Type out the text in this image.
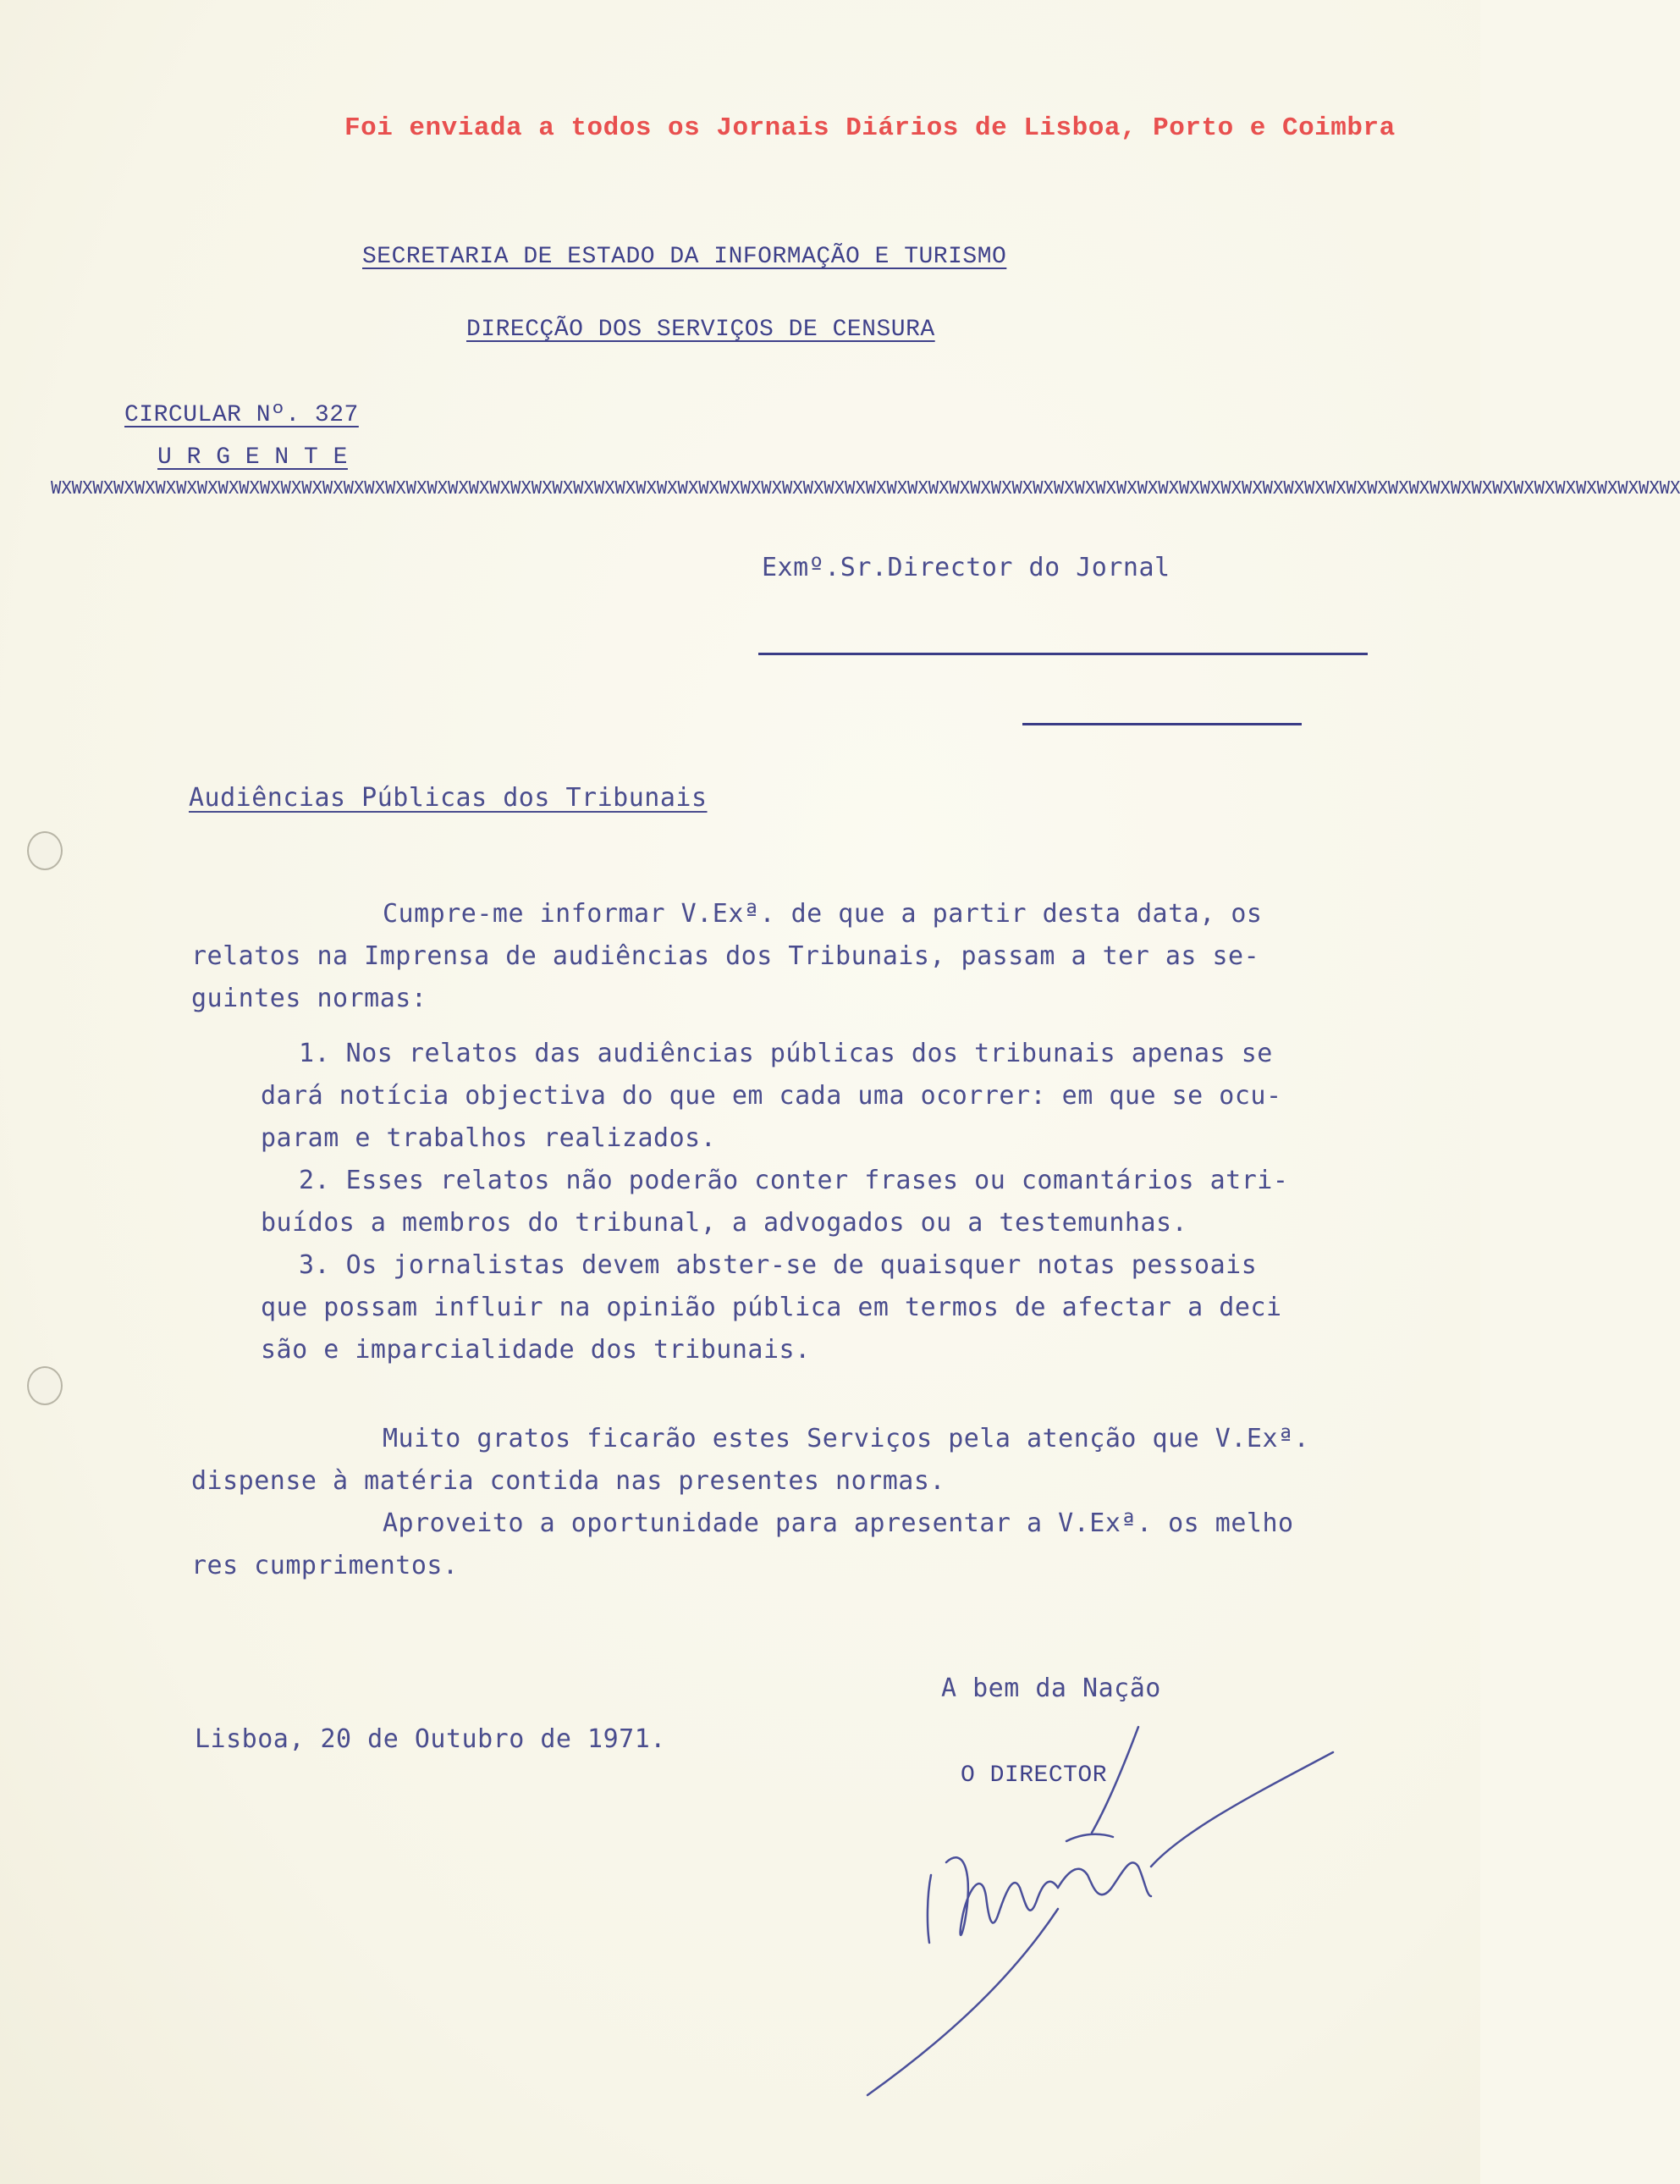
Foi enviada a todos os Jornais Diários de Lisboa, Porto e Coimbra
SECRETARIA DE ESTADO DA INFORMAÇÃO E TURISMO
DIRECÇÃO DOS SERVIÇOS DE CENSURA
CIRCULAR Nº. 327
U R G E N T E
WXWXWXWXWXWXWXWXWXWXWXWXWXWXWXWXWXWXWXWXWXWXWXWXWXWXWXWXWXWXWXWXWXWXWXWXWXWXWXWXWXWXWXWXWXWXWXWXWXWXWXWXWXWXWXWXWXWXWXWXWXWXWXWXWXWXWXWXWXWXWXWXWXWXWXWXWXWX
Exmº.Sr.Director do Jornal
Audiências Públicas dos Tribunais
Cumpre-me informar V.Exª. de que a partir desta data, os
relatos na Imprensa de audiências dos Tribunais, passam a ter as se-
guintes normas:
1. Nos relatos das audiências públicas dos tribunais apenas se
dará notícia objectiva do que em cada uma ocorrer: em que se ocu-
param e trabalhos realizados.
2. Esses relatos não poderão conter frases ou comantários atri-
buídos a membros do tribunal, a advogados ou a testemunhas.
3. Os jornalistas devem abster-se de quaisquer notas pessoais
que possam influir na opinião pública em termos de afectar a deci
são e imparcialidade dos tribunais.
Muito gratos ficarão estes Serviços pela atenção que V.Exª.
dispense à matéria contida nas presentes normas.
Aproveito a oportunidade para apresentar a V.Exª. os melho
res cumprimentos.
A bem da Nação
Lisboa, 20 de Outubro de 1971.
O DIRECTOR
